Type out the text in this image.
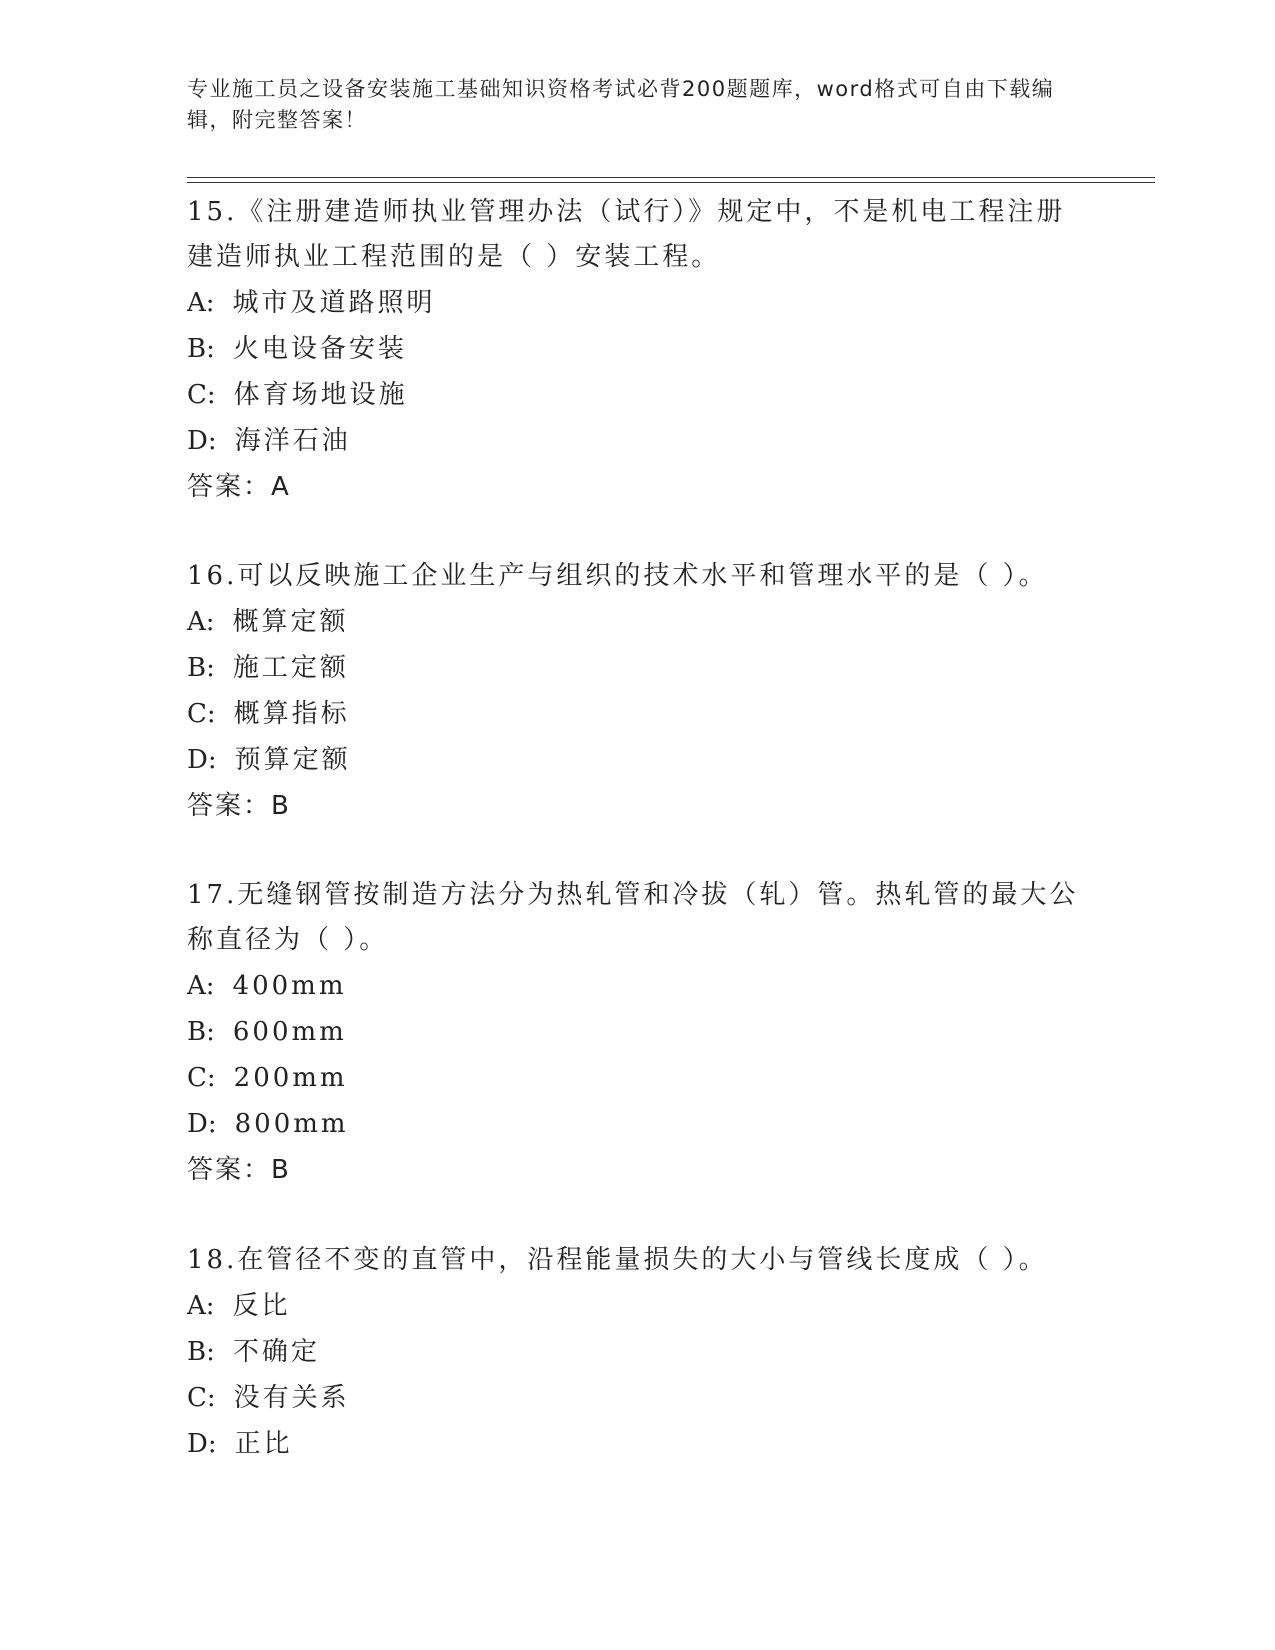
专业施工员之设备安装施工基础知识资格考试必背200题题库，word格式可自由下载编辑，附完整答案！

15.《注册建造师执业管理办法（试行）》规定中，不是机电工程注册建造师执业工程范围的是（ ）安装工程。

A: 城市及道路照明
B: 火电设备安装
C: 体育场地设施
D: 海洋石油
答案：A

16.可以反映施工企业生产与组织的技术水平和管理水平的是（ ）。

A: 概算定额
B: 施工定额
C: 概算指标
D: 预算定额
答案：B

17.无缝钢管按制造方法分为热轧管和冷拔（轧）管。热轧管的最大公称直径为（ ）。

A: 400mm
B: 600mm
C: 200mm
D: 800mm
答案：B

18.在管径不变的直管中，沿程能量损失的大小与管线长度成（ ）。

A: 反比
B: 不确定
C: 没有关系
D: 正比
